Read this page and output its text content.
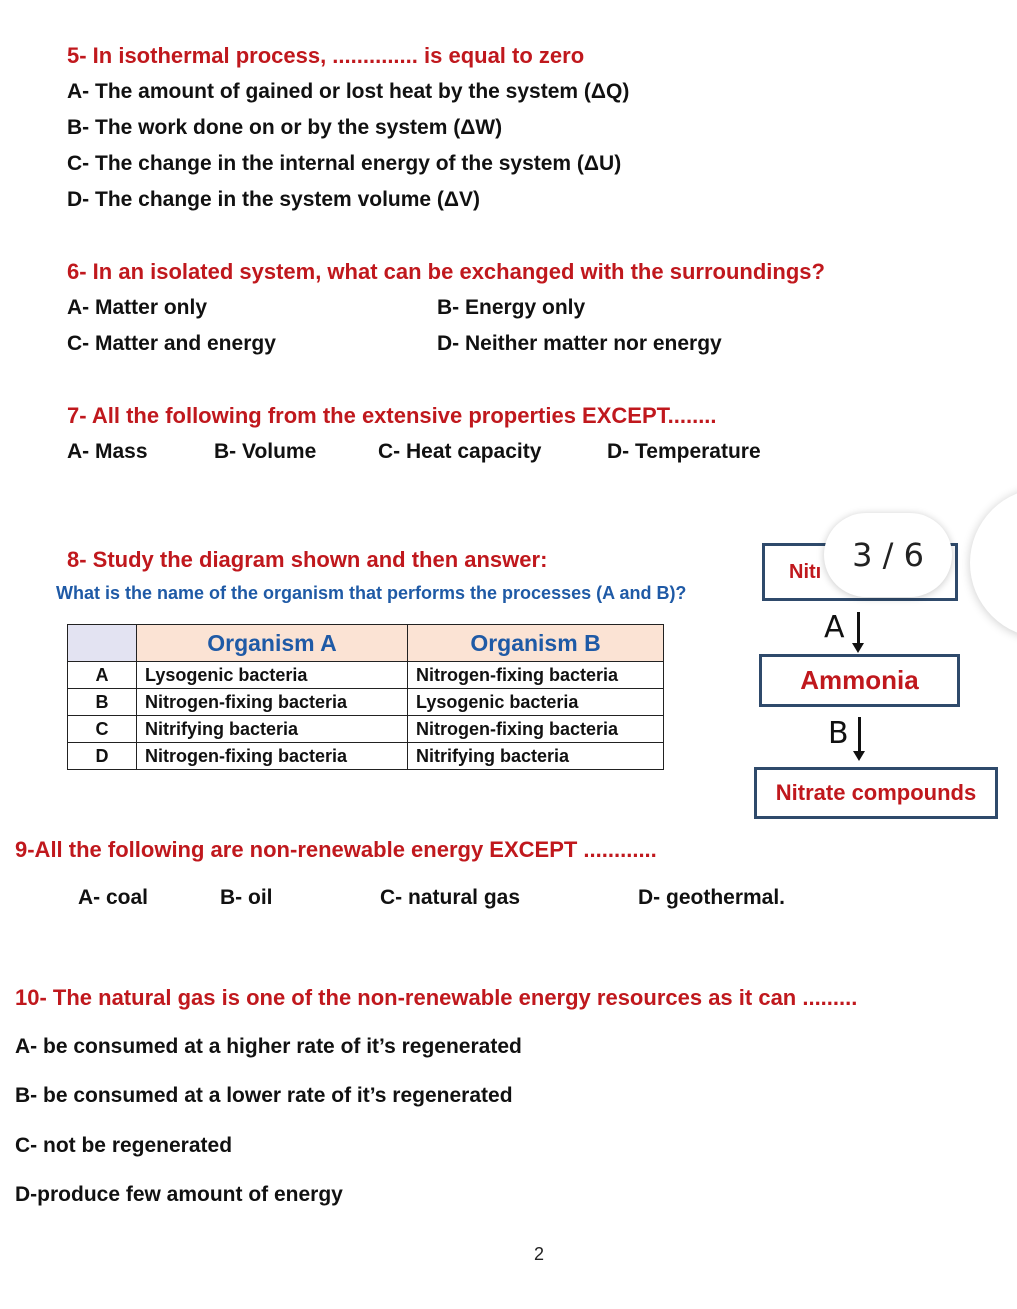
5- In isothermal process, .............. is equal to zero
A- The amount of gained or lost heat by the system (ΔQ)
B- The work done on or by the system (ΔW)
C- The change in the internal energy of the system (ΔU)
D- The change in the system volume (ΔV)
6- In an isolated system, what can be exchanged with the surroundings?
A- Matter only	B- Energy only
C- Matter and energy	D- Neither matter nor energy
7- All the following from the extensive properties EXCEPT........
A- Mass	B- Volume	C- Heat capacity	D- Temperature
8- Study the diagram shown and then answer:
What is the name of the organism that performs the processes (A and B)?
	Organism A	Organism B
A	Lysogenic bacteria	Nitrogen-fixing bacteria
B	Nitrogen-fixing bacteria	Lysogenic bacteria
C	Nitrifying bacteria	Nitrogen-fixing bacteria
D	Nitrogen-fixing bacteria	Nitrifying bacteria
Nitı
A
Ammonia
B
Nitrate compounds
3 / 6
9-All the following are non-renewable energy EXCEPT ............
A- coal	B- oil	C- natural gas	D- geothermal.
10- The natural gas is one of the non-renewable energy resources as it can .........
A- be consumed at a higher rate of it’s regenerated
B- be consumed at a lower rate of it’s regenerated
C- not be regenerated
D-produce few amount of energy
2
